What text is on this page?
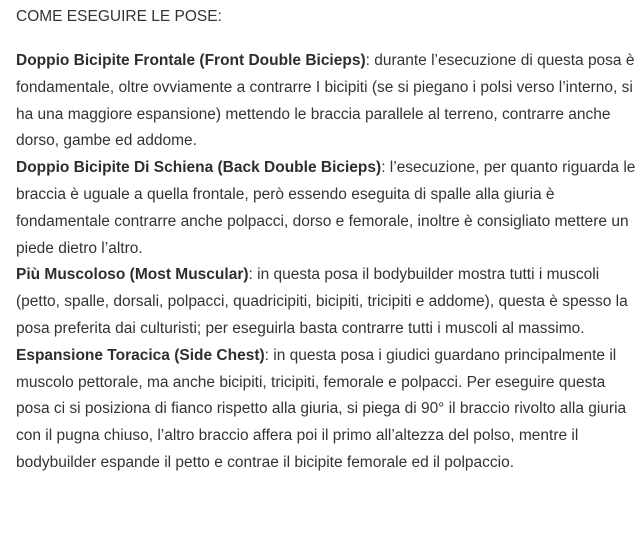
COME ESEGUIRE LE POSE:

Doppio Bicipite Frontale (Front Double Bicieps): durante l’esecuzione di questa posa è fondamentale, oltre ovviamente a contrarre I bicipiti (se si piegano i polsi verso l’interno, si ha una maggiore espansione) mettendo le braccia parallele al terreno, contrarre anche dorso, gambe ed addome.

Doppio Bicipite Di Schiena (Back Double Bicieps): l’esecuzione, per quanto riguarda le braccia è uguale a quella frontale, però essendo eseguita di spalle alla giuria è fondamentale contrarre anche polpacci, dorso e femorale, inoltre è consigliato mettere un piede dietro l’altro.

Più Muscoloso (Most Muscular): in questa posa il bodybuilder mostra tutti i muscoli (petto, spalle, dorsali, polpacci, quadricipiti, bicipiti, tricipiti e addome), questa è spesso la posa preferita dai culturisti; per eseguirla basta contrarre tutti i muscoli al massimo.

Espansione Toracica (Side Chest): in questa posa i giudici guardano principalmente il muscolo pettorale, ma anche bicipiti, tricipiti, femorale e polpacci. Per eseguire questa posa ci si posiziona di fianco rispetto alla giuria, si piega di 90° il braccio rivolto alla giuria con il pugna chiuso, l’altro braccio affera poi il primo all’altezza del polso, mentre il bodybuilder espande il petto e contrae il bicipite femorale ed il polpaccio.
